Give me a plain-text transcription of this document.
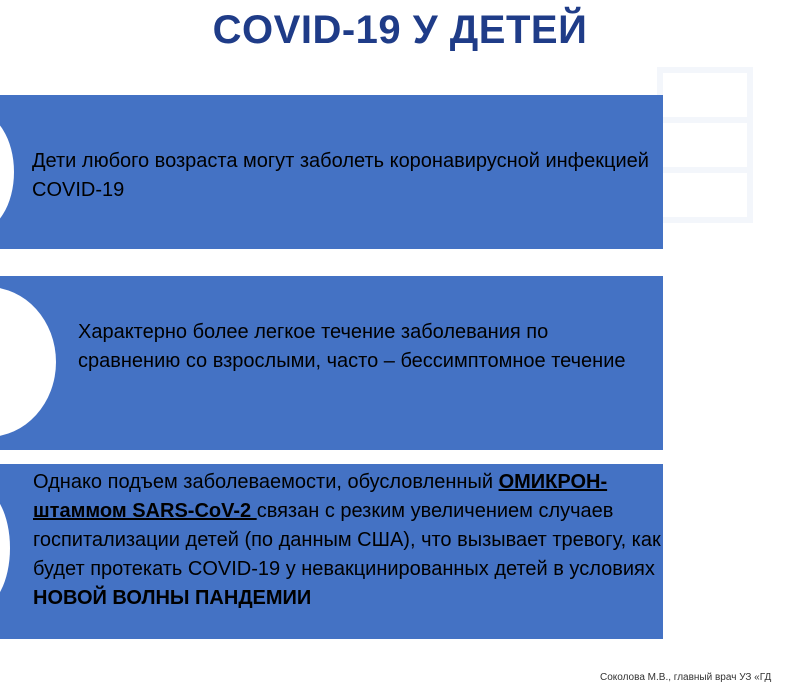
COVID-19 У ДЕТЕЙ
Дети любого возраста могут заболеть коронавирусной инфекцией COVID-19
Характерно более легкое течение заболевания по сравнению со взрослыми, часто – бессимптомное течение
Однако подъем заболеваемости, обусловленный ОМИКРОН-штаммом SARS-CoV-2 связан с резким увеличением случаев госпитализации детей (по данным США), что вызывает тревогу, как будет протекать COVID-19 у невакцинированных детей в условиях НОВОЙ ВОЛНЫ ПАНДЕМИИ
Соколова М.В., главный врач УЗ «ГД
